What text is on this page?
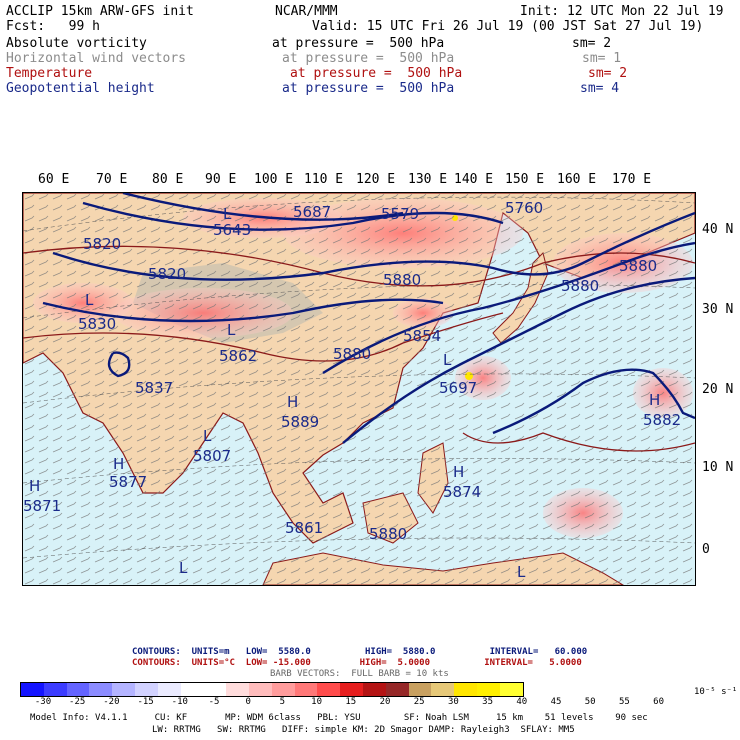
ACCLIP 15km ARW-GFS init	NCAR/MMM	Init: 12 UTC Mon 22 Jul 19
Fcst:   99 h	Valid: 15 UTC Fri 26 Jul 19 (00 JST Sat 27 Jul 19)
Absolute vorticity	at pressure =  500 hPa	sm= 2
Horizontal wind vectors	at pressure =  500 hPa	sm= 1
Temperature	at pressure =  500 hPa	sm= 2
Geopotential height	at pressure =  500 hPa	sm= 4
60 E 70 E 80 E 90 E 100 E 110 E 120 E 130 E 140 E 150 E 160 E 170 E
40 N
30 N
20 N
10 N
0
L
5643
5687	5579	5760
5820
5820
L
5830
5880	5880
5880
L
5862	5880
5837
H
5889
L
5697
L
5807
H
5877
H
5871
H
5874
H
5882
5854
5861	5880
L	L
CONTOURS:  UNITS=m   LOW=  5580.0          HIGH=  5880.0          INTERVAL=   60.000
CONTOURS:  UNITS=°C  LOW= -15.000         HIGH=  5.0000          INTERVAL=   5.0000
BARB VECTORS:  FULL BARB = 10 kts
-30	-25	-20	-15	-10	-5	0	5	10	15	20	25	30	35	40	45	50	55	60
10⁻⁵ s⁻¹
Model Info: V4.1.1     CU: KF       MP: WDM 6class   PBL: YSU        SF: Noah LSM     15 km    51 levels    90 sec
LW: RRTMG   SW: RRTMG   DIFF: simple KM: 2D Smagor DAMP: Rayleigh3  SFLAY: MM5
